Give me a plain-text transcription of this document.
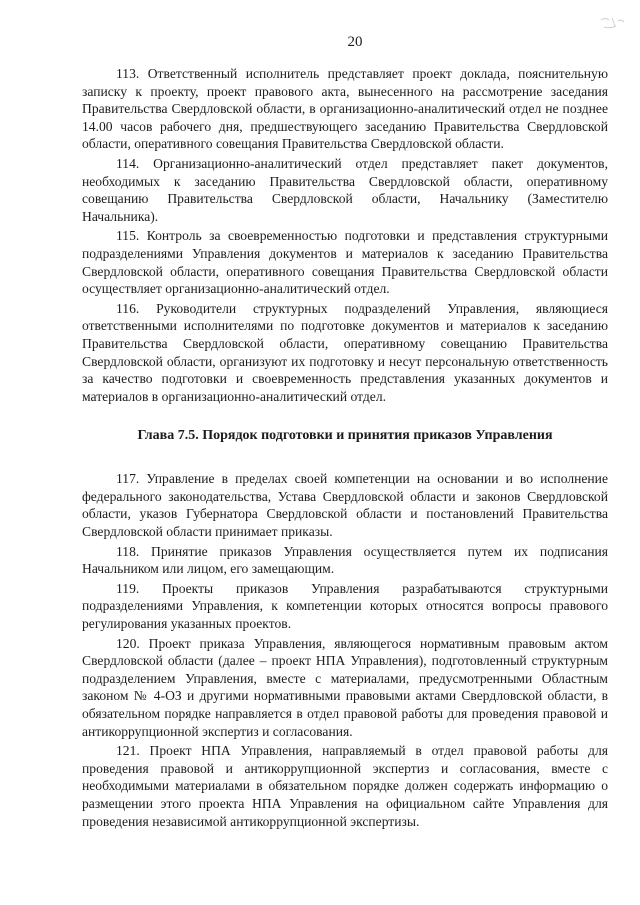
20

113. Ответственный исполнитель представляет проект доклада, пояснительную записку к проекту, проект правового акта, вынесенного на рассмотрение заседания Правительства Свердловской области, в организационно-аналитический отдел не позднее 14.00 часов рабочего дня, предшествующего заседанию Правительства Свердловской области, оперативного совещания Правительства Свердловской области.

114. Организационно-аналитический отдел представляет пакет документов, необходимых к заседанию Правительства Свердловской области, оперативному совещанию Правительства Свердловской области, Начальнику (Заместителю Начальника).

115. Контроль за своевременностью подготовки и представления структурными подразделениями Управления документов и материалов к заседанию Правительства Свердловской области, оперативного совещания Правительства Свердловской области осуществляет организационно-аналитический отдел.

116. Руководители структурных подразделений Управления, являющиеся ответственными исполнителями по подготовке документов и материалов к заседанию Правительства Свердловской области, оперативному совещанию Правительства Свердловской области, организуют их подготовку и несут персональную ответственность за качество подготовки и своевременность представления указанных документов и материалов в организационно-аналитический отдел.

Глава 7.5. Порядок подготовки и принятия приказов Управления

117. Управление в пределах своей компетенции на основании и во исполнение федерального законодательства, Устава Свердловской области и законов Свердловской области, указов Губернатора Свердловской области и постановлений Правительства Свердловской области принимает приказы.

118. Принятие приказов Управления осуществляется путем их подписания Начальником или лицом, его замещающим.

119. Проекты приказов Управления разрабатываются структурными подразделениями Управления, к компетенции которых относятся вопросы правового регулирования указанных проектов.

120. Проект приказа Управления, являющегося нормативным правовым актом Свердловской области (далее – проект НПА Управления), подготовленный структурным подразделением Управления, вместе с материалами, предусмотренными Областным законом № 4-ОЗ и другими нормативными правовыми актами Свердловской области, в обязательном порядке направляется в отдел правовой работы для проведения правовой и антикоррупционной экспертиз и согласования.

121. Проект НПА Управления, направляемый в отдел правовой работы для проведения правовой и антикоррупционной экспертиз и согласования, вместе с необходимыми материалами в обязательном порядке должен содержать информацию о размещении этого проекта НПА Управления на официальном сайте Управления для проведения независимой антикоррупционной экспертизы.
